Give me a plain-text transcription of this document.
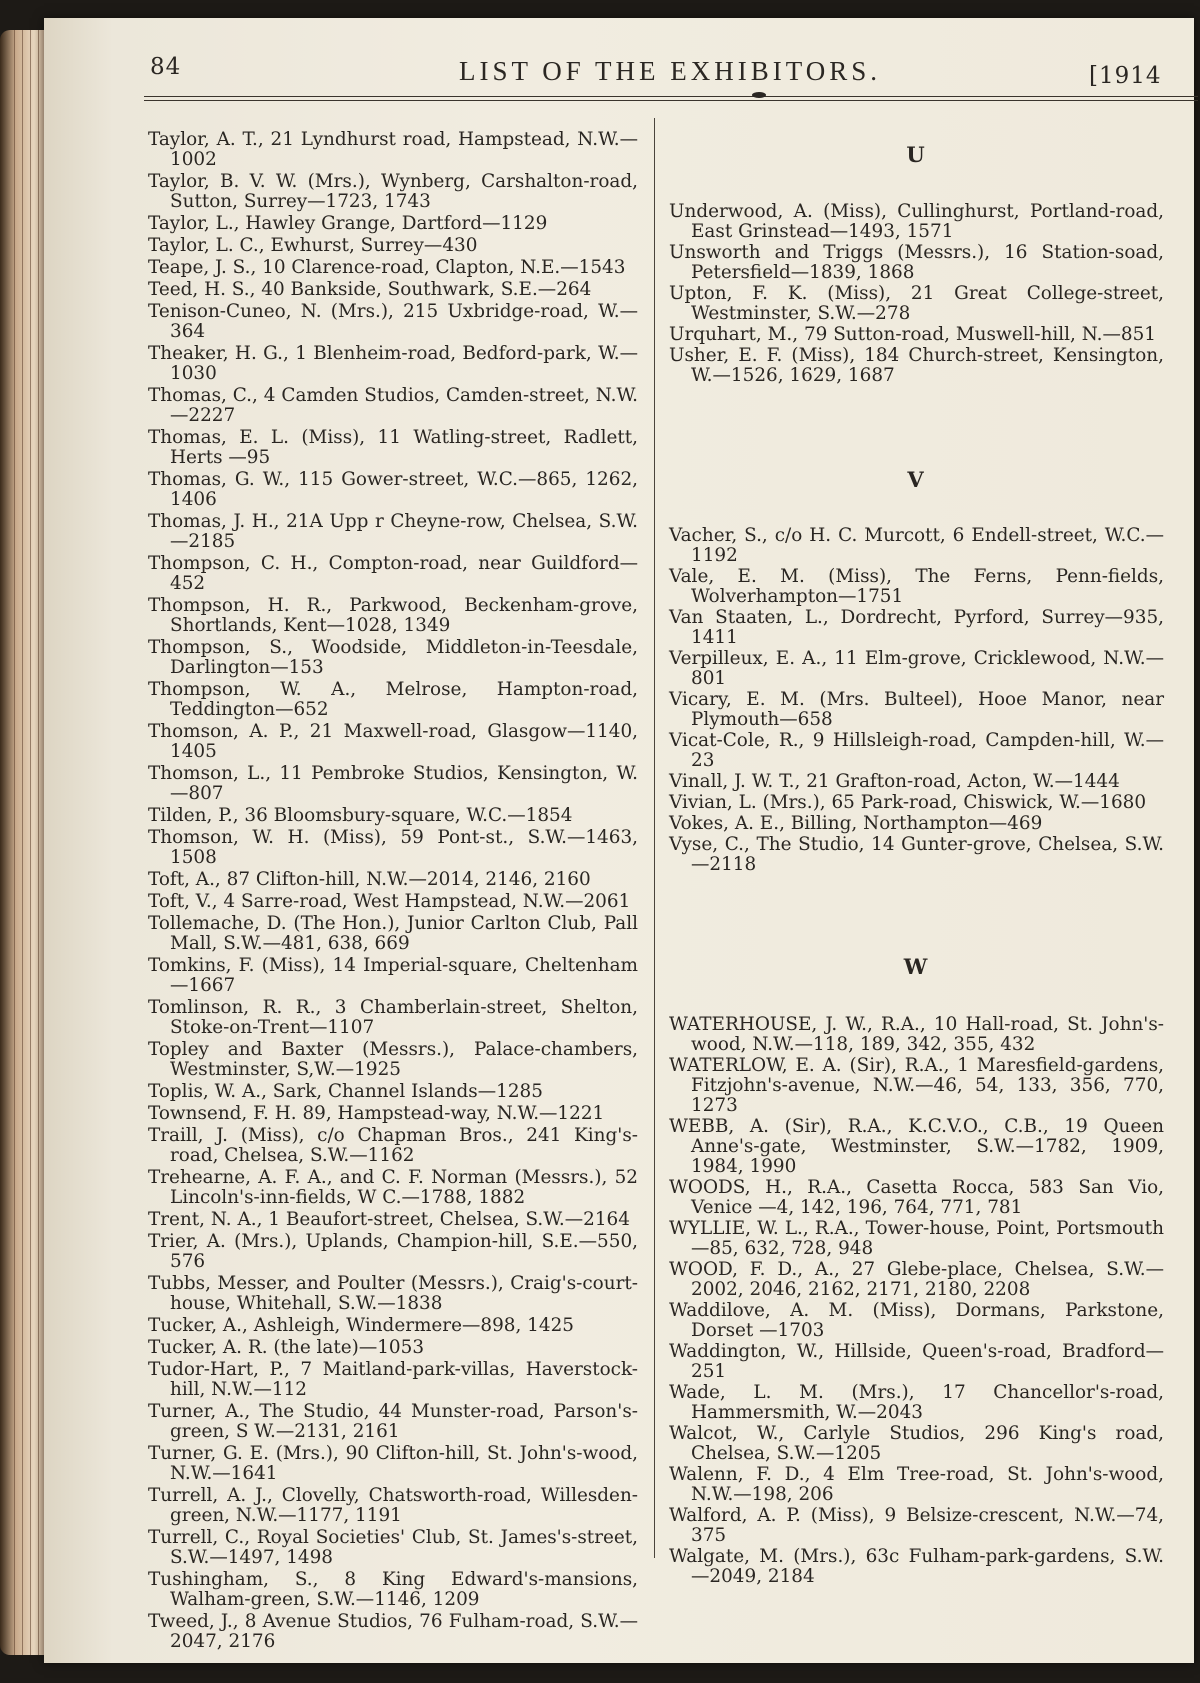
84	LIST OF THE EXHIBITORS.	[1914

Taylor, A. T., 21 Lyndhurst road, Hampstead, N.W.—1002

Taylor, B. V. W. (Mrs.), Wynberg, Carshalton-road, Sutton, Surrey—1723, 1743

Taylor, L., Hawley Grange, Dartford—1129

Taylor, L. C., Ewhurst, Surrey—430

Teape, J. S., 10 Clarence-road, Clapton, N.E.—1543

Teed, H. S., 40 Bankside, Southwark, S.E.—264

Tenison-Cuneo, N. (Mrs.), 215 Uxbridge-road, W.—364

Theaker, H. G., 1 Blenheim-road, Bedford-park, W.—1030

Thomas, C., 4 Camden Studios, Camden-street, N.W. —2227

Thomas, E. L. (Miss), 11 Watling-street, Radlett, Herts —95

Thomas, G. W., 115 Gower-street, W.C.—865, 1262, 1406

Thomas, J. H., 21A Upp r Cheyne-row, Chelsea, S.W. —2185

Thompson, C. H., Compton-road, near Guildford—452

Thompson, H. R., Parkwood, Beckenham-grove, Shortlands, Kent—1028, 1349

Thompson, S., Woodside, Middleton-in-Teesdale, Darlington—153

Thompson, W. A., Melrose, Hampton-road, Teddington—652

Thomson, A. P., 21 Maxwell-road, Glasgow—1140, 1405

Thomson, L., 11 Pembroke Studios, Kensington, W.—807

Tilden, P., 36 Bloomsbury-square, W.C.—1854

Thomson, W. H. (Miss), 59 Pont-st., S.W.—1463, 1508

Toft, A., 87 Clifton-hill, N.W.—2014, 2146, 2160

Toft, V., 4 Sarre-road, West Hampstead, N.W.—2061

Tollemache, D. (The Hon.), Junior Carlton Club, Pall Mall, S.W.—481, 638, 669

Tomkins, F. (Miss), 14 Imperial-square, Cheltenham —1667

Tomlinson, R. R., 3 Chamberlain-street, Shelton, Stoke-on-Trent—1107

Topley and Baxter (Messrs.), Palace-chambers, Westminster, S,W.—1925

Toplis, W. A., Sark, Channel Islands—1285

Townsend, F. H. 89, Hampstead-way, N.W.—1221

Traill, J. (Miss), c/o Chapman Bros., 241 King's-road, Chelsea, S.W.—1162

Trehearne, A. F. A., and C. F. Norman (Messrs.), 52 Lincoln's-inn-fields, W C.—1788, 1882

Trent, N. A., 1 Beaufort-street, Chelsea, S.W.—2164

Trier, A. (Mrs.), Uplands, Champion-hill, S.E.—550, 576

Tubbs, Messer, and Poulter (Messrs.), Craig's-court-house, Whitehall, S.W.—1838

Tucker, A., Ashleigh, Windermere—898, 1425

Tucker, A. R. (the late)—1053

Tudor-Hart, P., 7 Maitland-park-villas, Haverstock-hill, N.W.—112

Turner, A., The Studio, 44 Munster-road, Parson's-green, S W.—2131, 2161

Turner, G. E. (Mrs.), 90 Clifton-hill, St. John's-wood, N.W.—1641

Turrell, A. J., Clovelly, Chatsworth-road, Willesden-green, N.W.—1177, 1191

Turrell, C., Royal Societies' Club, St. James's-street, S.W.—1497, 1498

Tushingham, S., 8 King Edward's-mansions, Walham-green, S.W.—1146, 1209

Tweed, J., 8 Avenue Studios, 76 Fulham-road, S.W.—2047, 2176

U

Underwood, A. (Miss), Cullinghurst, Portland-road, East Grinstead—1493, 1571

Unsworth and Triggs (Messrs.), 16 Station-soad, Petersfield—1839, 1868

Upton, F. K. (Miss), 21 Great College-street, Westminster, S.W.—278

Urquhart, M., 79 Sutton-road, Muswell-hill, N.—851

Usher, E. F. (Miss), 184 Church-street, Kensington, W.—1526, 1629, 1687

V

Vacher, S., c/o H. C. Murcott, 6 Endell-street, W.C.—1192

Vale, E. M. (Miss), The Ferns, Penn-fields, Wolverhampton—1751

Van Staaten, L., Dordrecht, Pyrford, Surrey—935, 1411

Verpilleux, E. A., 11 Elm-grove, Cricklewood, N.W.—801

Vicary, E. M. (Mrs. Bulteel), Hooe Manor, near Plymouth—658

Vicat-Cole, R., 9 Hillsleigh-road, Campden-hill, W.—23

Vinall, J. W. T., 21 Grafton-road, Acton, W.—1444

Vivian, L. (Mrs.), 65 Park-road, Chiswick, W.—1680

Vokes, A. E., Billing, Northampton—469

Vyse, C., The Studio, 14 Gunter-grove, Chelsea, S.W. —2118

W

WATERHOUSE, J. W., R.A., 10 Hall-road, St. John's-wood, N.W.—118, 189, 342, 355, 432

WATERLOW, E. A. (Sir), R.A., 1 Maresfield-gardens, Fitzjohn's-avenue, N.W.—46, 54, 133, 356, 770, 1273

WEBB, A. (Sir), R.A., K.C.V.O., C.B., 19 Queen Anne's-gate, Westminster, S.W.—1782, 1909, 1984, 1990

WOODS, H., R.A., Casetta Rocca, 583 San Vio, Venice —4, 142, 196, 764, 771, 781

WYLLIE, W. L., R.A., Tower-house, Point, Portsmouth—85, 632, 728, 948

WOOD, F. D., A., 27 Glebe-place, Chelsea, S.W.—2002, 2046, 2162, 2171, 2180, 2208

Waddilove, A. M. (Miss), Dormans, Parkstone, Dorset —1703

Waddington, W., Hillside, Queen's-road, Bradford—251

Wade, L. M. (Mrs.), 17 Chancellor's-road, Hammersmith, W.—2043

Walcot, W., Carlyle Studios, 296 King's road, Chelsea, S.W.—1205

Walenn, F. D., 4 Elm Tree-road, St. John's-wood, N.W.—198, 206

Walford, A. P. (Miss), 9 Belsize-crescent, N.W.—74, 375

Walgate, M. (Mrs.), 63c Fulham-park-gardens, S.W. —2049, 2184
